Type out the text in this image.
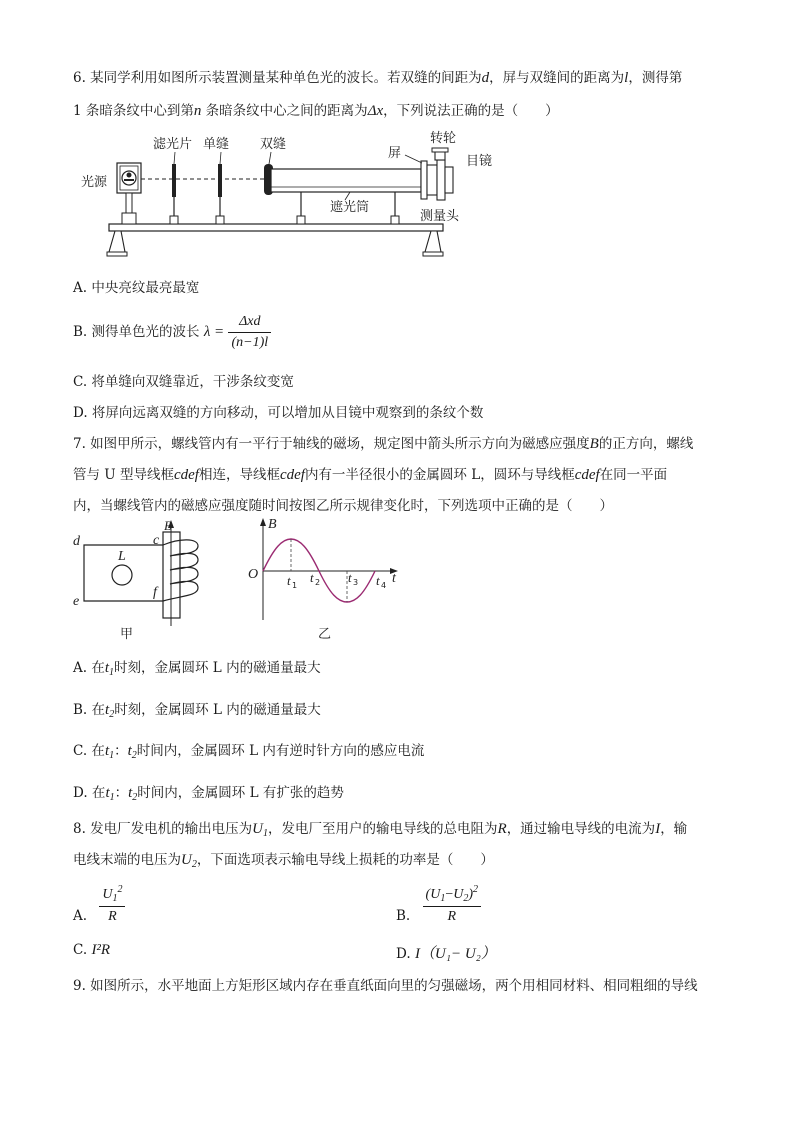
6. 某同学利用如图所示装置测量某种单色光的波长。若双缝的间距为d，屏与双缝间的距离为l，测得第
1 条暗条纹中心到第n 条暗条纹中心之间的距离为Δx，下列说法正确的是（　　）
光源
滤光片 单缝 双缝
屏
遮光筒
转轮
目镜
测量头
A. 中央亮纹最亮最宽
B. 测得单色光的波长 $\lambda = \frac{\text{Δxd}}{(n-1)l}$
C. 将单缝向双缝靠近，干涉条纹变宽
D. 将屏向远离双缝的方向移动，可以增加从目镜中观察到的条纹个数
7. 如图甲所示，螺线管内有一平行于轴线的磁场，规定图中箭头所示方向为磁感应强度B的正方向，螺线
管与 U 型导线框cdef相连，导线框cdef内有一半径很小的金属圆环 L，圆环与导线框cdef在同一平面
内，当螺线管内的磁感应强度随时间按图乙所示规律变化时，下列选项中正确的是（　　）
c
d
e
f
L
B
甲
B
O	t
t 1
t 2 t 3 t 4
乙
A. 在$t_1$时刻，金属圆环 L 内的磁通量最大
B. 在$t_2$时刻，金属圆环 L 内的磁通量最大
C. 在$t_1$：$t_2$时间内，金属圆环 L 内有逆时针方向的感应电流
D. 在$t_1$：$t_2$时间内，金属圆环 L 有扩张的趋势
8. 发电厂发电机的输出电压为$U_1$，发电厂至用户的输电导线的总电阻为R，通过输电导线的电流为I，输
电线末端的电压为$U_2$，下面选项表示输电导线上损耗的功率是（　　）
A. $\frac{U_1^2}{R}$	B. $\frac{(U_1-U_2)^2}{R}$
C. I²R	D. I（U₁− U₂）
9. 如图所示，水平地面上方矩形区域内存在垂直纸面向里的匀强磁场，两个用相同材料、相同粗细的导线
